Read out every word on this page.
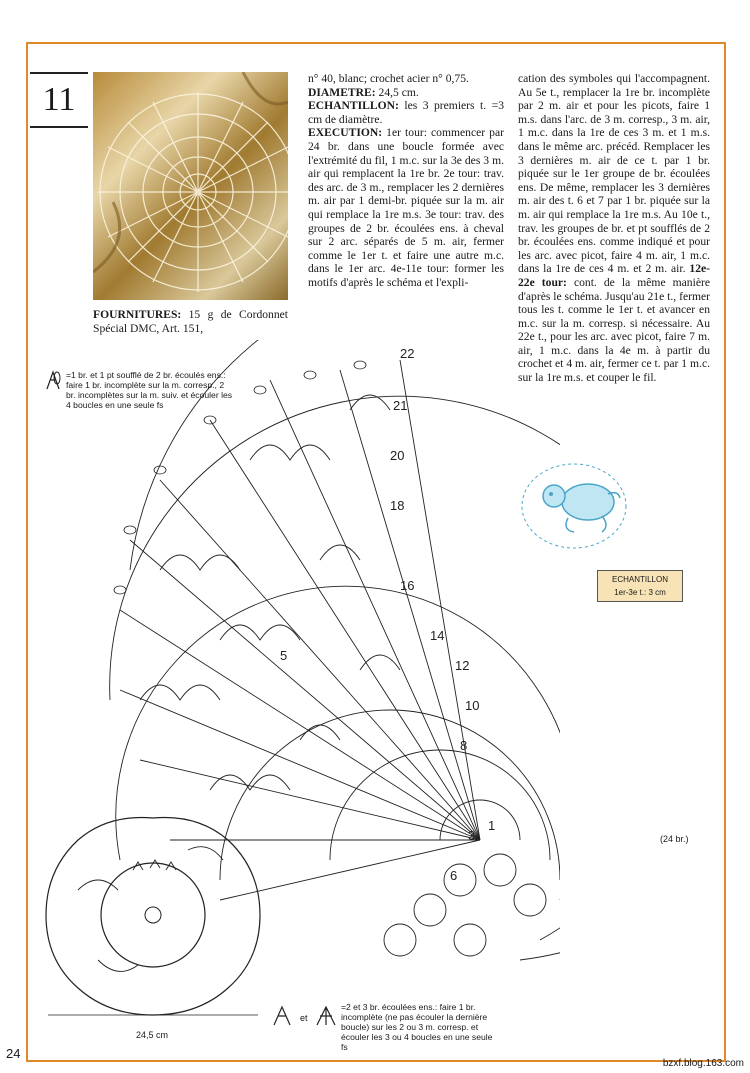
11
FOURNITURES: 15 g de Cordonnet Spécial DMC, Art. 151,
n° 40, blanc; crochet acier n° 0,75.
DIAMETRE: 24,5 cm.
ECHANTILLON: les 3 premiers t. =3 cm de diamètre.
EXECUTION: 1er tour: commencer par 24 br. dans une boucle formée avec l'extrémité du fil, 1 m.c. sur la 3e des 3 m. air qui remplacent la 1re br. 2e tour: trav. des arc. de 3 m., remplacer les 2 dernières m. air par 1 demi-br. piquée sur la m. air qui remplace la 1re m.s. 3e tour: trav. des groupes de 2 br. écoulées ens. à cheval sur 2 arc. séparés de 5 m. air, fermer comme le 1er t. et faire une autre m.c. dans le 1er arc. 4e-11e tour: former les motifs d'après le schéma et l'expli-
cation des symboles qui l'accompagnent. Au 5e t., remplacer la 1re br. incomplète par 2 m. air et pour les picots, faire 1 m.s. dans l'arc. de 3 m. corresp., 3 m. air, 1 m.c. dans la 1re de ces 3 m. et 1 m.s. dans le même arc. précéd. Remplacer les 3 dernières m. air de ce t. par 1 br. piquée sur le 1er groupe de br. écoulées ens. De même, remplacer les 3 dernières m. air des t. 6 et 7 par 1 br. piquée sur la m. air qui remplace la 1re m.s. Au 10e t., trav. les groupes de br. et pt soufflés de 2 br. écoulées ens. comme indiqué et pour les arc. avec picot, faire 4 m. air, 1 m.c. dans la 1re de ces 4 m. et 2 m. air. 12e-22e tour: cont. de la même manière d'après le schéma. Jusqu'au 21e t., fermer tous les t. comme le 1er t. et avancer en m.c. sur la m. corresp. si nécessaire. Au 22e t., pour les arc. avec picot, faire 7 m. air, 1 m.c. dans la 4e m. à partir du crochet et 4 m. air, fermer ce t. par 1 m.c. sur la 1re m.s. et couper le fil.
ECHANTILLON
1er-3e t.: 3 cm
=1 br. et 1 pt soufflé de 2 br. écoulés ens.: faire 1 br. incomplète sur la m. corresp., 2 br. incomplètes sur la m. suiv. et écouler les 4 boucles en une seule fs
22
21
20
18
16
14
12
10
8
5
6
3
1
(24 br.)
24,5 cm
et
=2 et 3 br. écoulées ens.: faire 1 br. incomplète (ne pas écouler la dernière boucle) sur les 2 ou 3 m. corresp. et écouler les 3 ou 4 boucles en une seule fs
24
bzxf.blog.163.com
